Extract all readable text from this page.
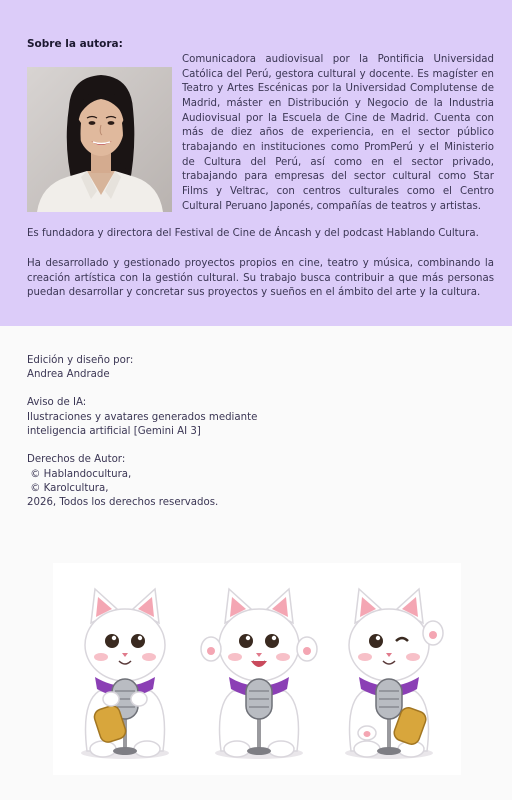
Sobre la autora:

Comunicadora audiovisual por la Pontificia Universidad Católica del Perú, gestora cultural y docente. Es magíster en Teatro y Artes Escénicas por la Universidad Complutense de Madrid, máster en Distribución y Negocio de la Industria Audiovisual por la Escuela de Cine de Madrid. Cuenta con más de diez años de experiencia, en el sector público trabajando en instituciones como PromPerú y el Ministerio de Cultura del Perú, así como en el sector privado, trabajando para empresas del sector cultural como Star Films y Veltrac, con centros culturales como el Centro Cultural Peruano Japonés, compañías de teatros y artistas.

Es fundadora y directora del Festival de Cine de Áncash y del podcast Hablando Cultura.

Ha desarrollado y gestionado proyectos propios en cine, teatro y música, combinando la creación artística con la gestión cultural. Su trabajo busca contribuir a que más personas puedan desarrollar y concretar sus proyectos y sueños en el ámbito del arte y la cultura.

Edición y diseño por:
Andrea Andrade

Aviso de IA:
Ilustraciones y avatares generados mediante
inteligencia artificial [Gemini AI 3]

Derechos de Autor:
© Hablandocultura,
© Karolcultura,
2026, Todos los derechos reservados.
